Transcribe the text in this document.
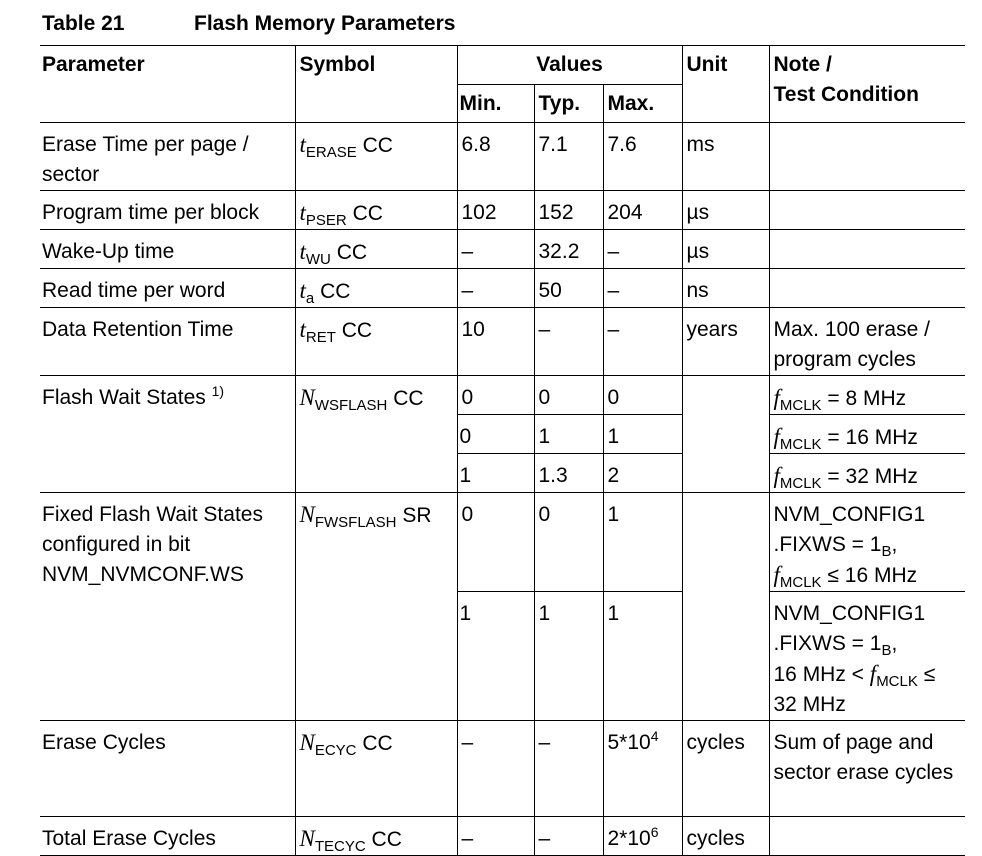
Table 21	Flash Memory Parameters
Parameter	Symbol	Values			Unit	Note /
Test Condition
		Min.	Typ.	Max.		
Erase Time per page / sector	$t_{ERASE}$ CC	6.8	7.1	7.6	ms	
Program time per block	$t_{PSER}$ CC	102	152	204	µs	
Wake-Up time	$t_{WU}$ CC	–	32.2	–	µs	
Read time per word	$t_a$ CC	–	50	–	ns	
Data Retention Time	$t_{RET}$ CC	10	–	–	years	Max. 100 erase / program cycles
Flash Wait States $^{1)}$	$N_{WSFLASH}$ CC	0	0	0		$f_{MCLK} = 8$ MHz
		0	1	1		$f_{MCLK} = 16$ MHz
		1	1.3	2		$f_{MCLK} = 32$ MHz
Fixed Flash Wait States configured in bit NVM_NVMCONF.WS	$N_{FWSFLASH}$ SR	0	0	1		NVM_CONFIG1 .FIXWS = $1_B$,
$f_{MCLK} \le 16$ MHz
		1	1	1		NVM_CONFIG1 .FIXWS = $1_B$,
16 MHz < $f_{MCLK} \le 32$ MHz
Erase Cycles	$N_{ECYC}$ CC	–	–	$5*10^4$	cycles	Sum of page and sector erase cycles
Total Erase Cycles	$N_{TECYC}$ CC	–	–	$2*10^6$	cycles	
